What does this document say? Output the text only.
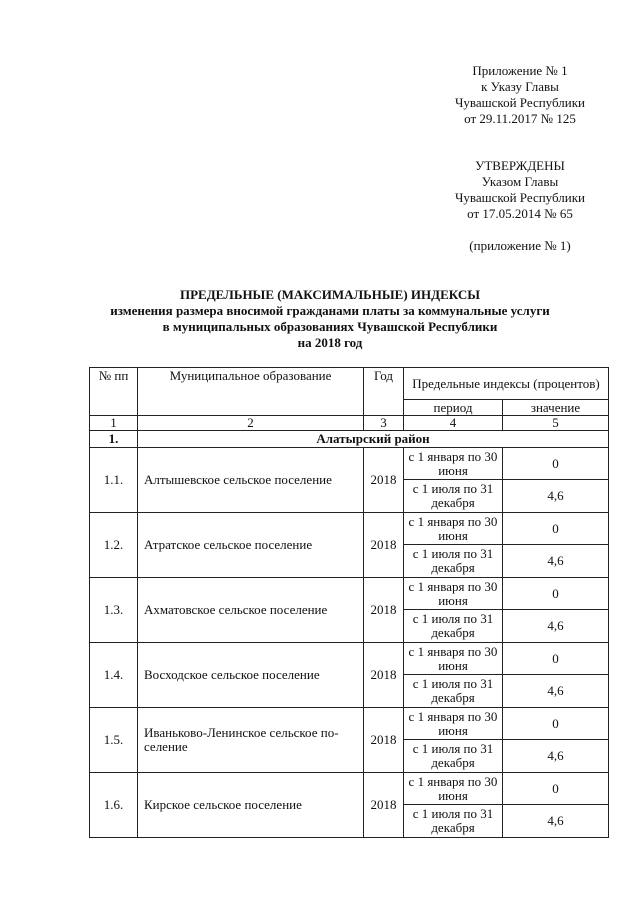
Приложение № 1
к Указу Главы
Чувашской Республики
от 29.11.2017 № 125
УТВЕРЖДЕНЫ
Указом Главы
Чувашской Республики
от 17.05.2014 № 65
(приложение № 1)
ПРЕДЕЛЬНЫЕ (МАКСИМАЛЬНЫЕ) ИНДЕКСЫ
изменения размера вносимой гражданами платы за коммунальные услуги
в муниципальных образованиях Чувашской Республики
на 2018 год
№ пп	Муниципальное образование	Год	Предельные индексы (процентов)	
			период	значение
1	2	3	4	5
1.	Алатырский район			
1.1.	Алтышевское сельское поселение	2018	с 1 января по 30 июня	0
			с 1 июля по 31 декабря	4,6
1.2.	Атратское сельское поселение	2018	с 1 января по 30 июня	0
			с 1 июля по 31 декабря	4,6
1.3.	Ахматовское сельское поселение	2018	с 1 января по 30 июня	0
			с 1 июля по 31 декабря	4,6
1.4.	Восходское сельское поселение	2018	с 1 января по 30 июня	0
			с 1 июля по 31 декабря	4,6
1.5.	Иваньково-Ленинское сельское по-селение	2018	с 1 января по 30 июня	0
			с 1 июля по 31 декабря	4,6
1.6.	Кирское сельское поселение	2018	с 1 января по 30 июня	0
			с 1 июля по 31 декабря	4,6
